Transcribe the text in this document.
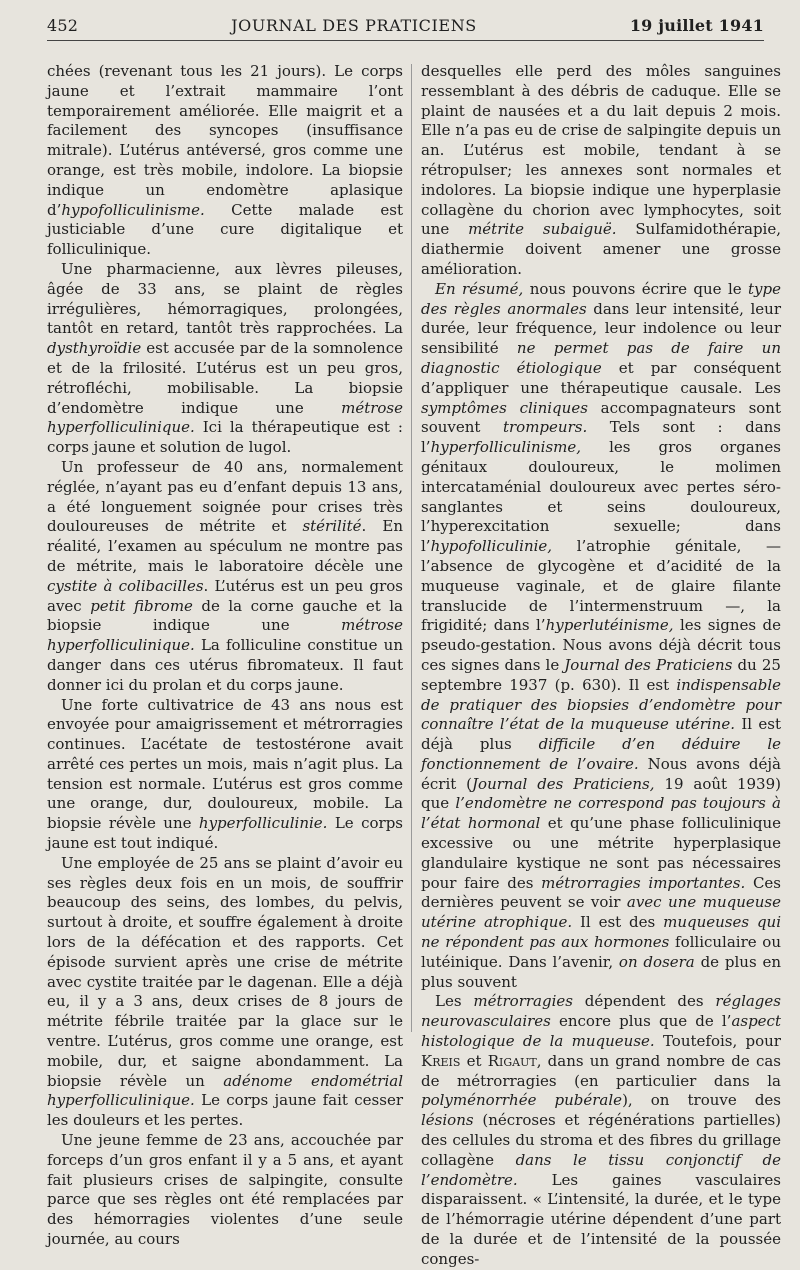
452	JOURNAL DES PRATICIENS	19 juillet 1941

chées (revenant tous les 21 jours). Le corps jaune et l’extrait mammaire l’ont temporairement améliorée. Elle maigrit et a facilement des syncopes (insuffisance mitrale). L’utérus antéversé, gros comme une orange, est très mobile, indolore. La biopsie indique un endomètre aplasique d’hypofolliculinisme. Cette malade est justiciable d’une cure digitalique et folliculinique.

Une pharmacienne, aux lèvres pileuses, âgée de 33 ans, se plaint de règles irrégulières, hémorragiques, prolongées, tantôt en retard, tantôt très rapprochées. La dysthyroïdie est accusée par de la somnolence et de la frilosité. L’utérus est un peu gros, rétrofléchi, mobilisable. La biopsie d’endomètre indique une métrose hyperfolliculinique. Ici la thérapeutique est : corps jaune et solution de lugol.

Un professeur de 40 ans, normalement réglée, n’ayant pas eu d’enfant depuis 13 ans, a été longuement soignée pour crises très douloureuses de métrite et stérilité. En réalité, l’examen au spéculum ne montre pas de métrite, mais le laboratoire décèle une cystite à colibacilles. L’utérus est un peu gros avec petit fibrome de la corne gauche et la biopsie indique une métrose hyperfolliculinique. La folliculine constitue un danger dans ces utérus fibromateux. Il faut donner ici du prolan et du corps jaune.

Une forte cultivatrice de 43 ans nous est envoyée pour amaigrissement et métrorragies continues. L’acétate de testostérone avait arrêté ces pertes un mois, mais n’agit plus. La tension est normale. L’utérus est gros comme une orange, dur, douloureux, mobile. La biopsie révèle une hyperfolliculinie. Le corps jaune est tout indiqué.

Une employée de 25 ans se plaint d’avoir eu ses règles deux fois en un mois, de souffrir beaucoup des seins, des lombes, du pelvis, surtout à droite, et souffre également à droite lors de la défécation et des rapports. Cet épisode survient après une crise de métrite avec cystite traitée par le dagenan. Elle a déjà eu, il y a 3 ans, deux crises de 8 jours de métrite fébrile traitée par la glace sur le ventre. L’utérus, gros comme une orange, est mobile, dur, et saigne abondamment. La biopsie révèle un adénome endométrial hyperfolliculinique. Le corps jaune fait cesser les douleurs et les pertes.

Une jeune femme de 23 ans, accouchée par forceps d’un gros enfant il y a 5 ans, et ayant fait plusieurs crises de salpingite, consulte parce que ses règles ont été remplacées par des hémorragies violentes d’une seule journée, au cours

desquelles elle perd des môles sanguines ressemblant à des débris de caduque. Elle se plaint de nausées et a du lait depuis 2 mois. Elle n’a pas eu de crise de salpingite depuis un an. L’utérus est mobile, tendant à se rétropulser; les annexes sont normales et indolores. La biopsie indique une hyperplasie collagène du chorion avec lymphocytes, soit une métrite subaiguë. Sulfamidothérapie, diathermie doivent amener une grosse amélioration.

En résumé, nous pouvons écrire que le type des règles anormales dans leur intensité, leur durée, leur fréquence, leur indolence ou leur sensibilité ne permet pas de faire un diagnostic étiologique et par conséquent d’appliquer une thérapeutique causale. Les symptômes cliniques accompagnateurs sont souvent trompeurs. Tels sont : dans l’hyperfolliculinisme, les gros organes génitaux douloureux, le molimen intercataménial douloureux avec pertes séro-sanglantes et seins douloureux, l’hyperexcitation sexuelle; dans l’hypofolliculinie, l’atrophie génitale, — l’absence de glycogène et d’acidité de la muqueuse vaginale, et de glaire filante translucide de l’intermenstruum —, la frigidité; dans l’hyperlutéinisme, les signes de pseudo-gestation. Nous avons déjà décrit tous ces signes dans le Journal des Praticiens du 25 septembre 1937 (p. 630). Il est indispensable de pratiquer des biopsies d’endomètre pour connaître l’état de la muqueuse utérine. Il est déjà plus difficile d’en déduire le fonctionnement de l’ovaire. Nous avons déjà écrit (Journal des Praticiens, 19 août 1939) que l’endomètre ne correspond pas toujours à l’état hormonal et qu’une phase folliculinique excessive ou une métrite hyperplasique glandulaire kystique ne sont pas nécessaires pour faire des métrorragies importantes. Ces dernières peuvent se voir avec une muqueuse utérine atrophique. Il est des muqueuses qui ne répondent pas aux hormones folliculaire ou lutéinique. Dans l’avenir, on dosera de plus en plus souvent

Les métrorragies dépendent des réglages neurovasculaires encore plus que de l’aspect histologique de la muqueuse. Toutefois, pour Kreis et Rigaut, dans un grand nombre de cas de métrorragies (en particulier dans la polyménorrhée pubérale), on trouve des lésions (nécroses et régénérations partielles) des cellules du stroma et des fibres du grillage collagène dans le tissu conjonctif de l’endomètre. Les gaines vasculaires disparaissent. « L’intensité, la durée, et le type de l’hémorragie utérine dépendent d’une part de la durée et de l’intensité de la poussée conges-
